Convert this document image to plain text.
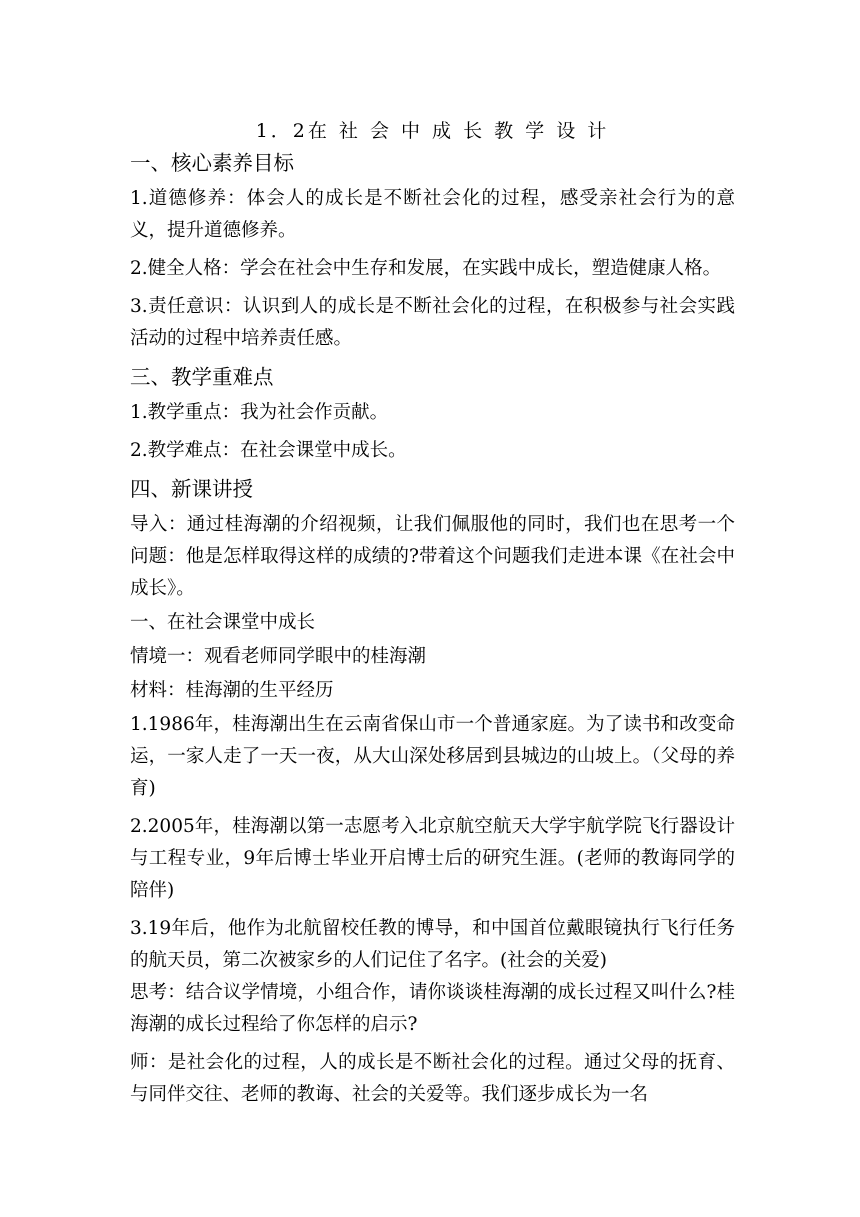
1．2在 社 会 中 成 长 教 学 设 计
一、核心素养目标
1.道德修养：体会人的成长是不断社会化的过程，感受亲社会行为的意义，提升道德修养。
2.健全人格：学会在社会中生存和发展，在实践中成长，塑造健康人格。
3.责任意识：认识到人的成长是不断社会化的过程，在积极参与社会实践活动的过程中培养责任感。
三、教学重难点
1.教学重点：我为社会作贡献。
2.教学难点：在社会课堂中成长。
四、新课讲授
导入：通过桂海潮的介绍视频，让我们佩服他的同时，我们也在思考一个问题：他是怎样取得这样的成绩的?带着这个问题我们走进本课《在社会中成长》。
一、在社会课堂中成长
情境一：观看老师同学眼中的桂海潮
材料：桂海潮的生平经历
1.1986年，桂海潮出生在云南省保山市一个普通家庭。为了读书和改变命运，一家人走了一天一夜，从大山深处移居到县城边的山坡上。（父母的养育)
2.2005年，桂海潮以第一志愿考入北京航空航天大学宇航学院飞行器设计与工程专业，9年后博士毕业开启博士后的研究生涯。(老师的教诲同学的陪伴)
3.19年后，他作为北航留校任教的博导，和中国首位戴眼镜执行飞行任务的航天员，第二次被家乡的人们记住了名字。(社会的关爱)
思考：结合议学情境，小组合作，请你谈谈桂海潮的成长过程又叫什么?桂海潮的成长过程给了你怎样的启示?
师：是社会化的过程，人的成长是不断社会化的过程。通过父母的抚育、与同伴交往、老师的教诲、社会的关爱等。我们逐步成长为一名
